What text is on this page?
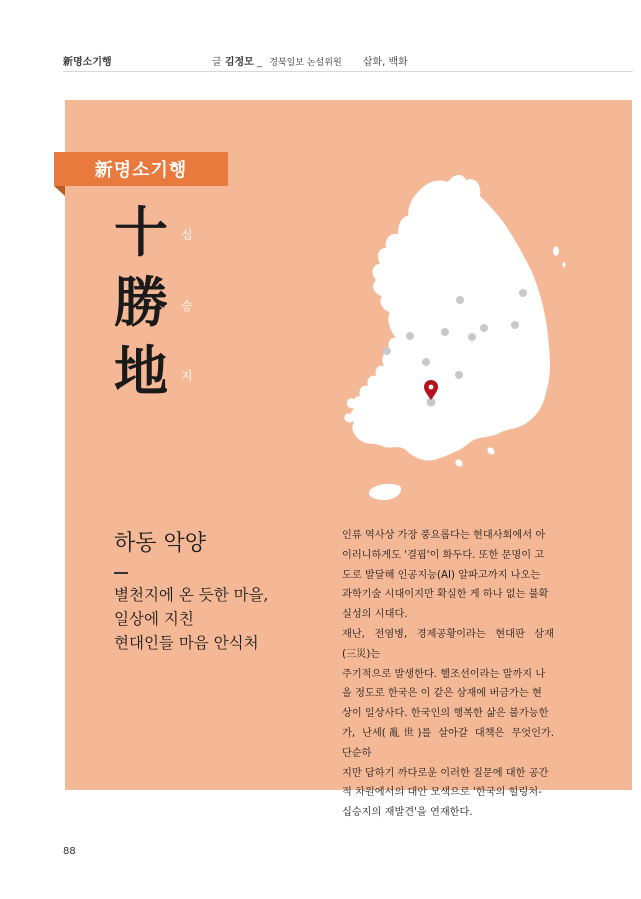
新명소기행	글 김정모 _ 경북일보 논설위원 삽화, 백화
新명소기행
十 십
勝 승
地 지
하동 악양
별천지에 온 듯한 마을,
일상에 지친
현대인들 마음 안식처

인류 역사상 가장 풍요롭다는 현대사회에서 아

이러니하게도 '결핍'이 화두다. 또한 문명이 고

도로 발달해 인공지능(AI) 알파고까지 나오는

과학기술 시대이지만 확실한 게 하나 없는 불확

실성의 시대다.

재난, 전염병, 경제공황이라는 현대판 삼재(三災)는

주기적으로 발생한다. 헬조선이라는 말까지 나

올 정도로 한국은 이 같은 삼재에 버금가는 현

상이 일상사다. 한국인의 행복한 삶은 불가능한

가, 난세(亂世)를 살아갈 대책은 무엇인가. 단순하

지만 답하기 까다로운 이러한 질문에 대한 공간

적 차원에서의 대안 모색으로 '한국의 힐링처-

십승지의 재발견'을 연재한다.

88
